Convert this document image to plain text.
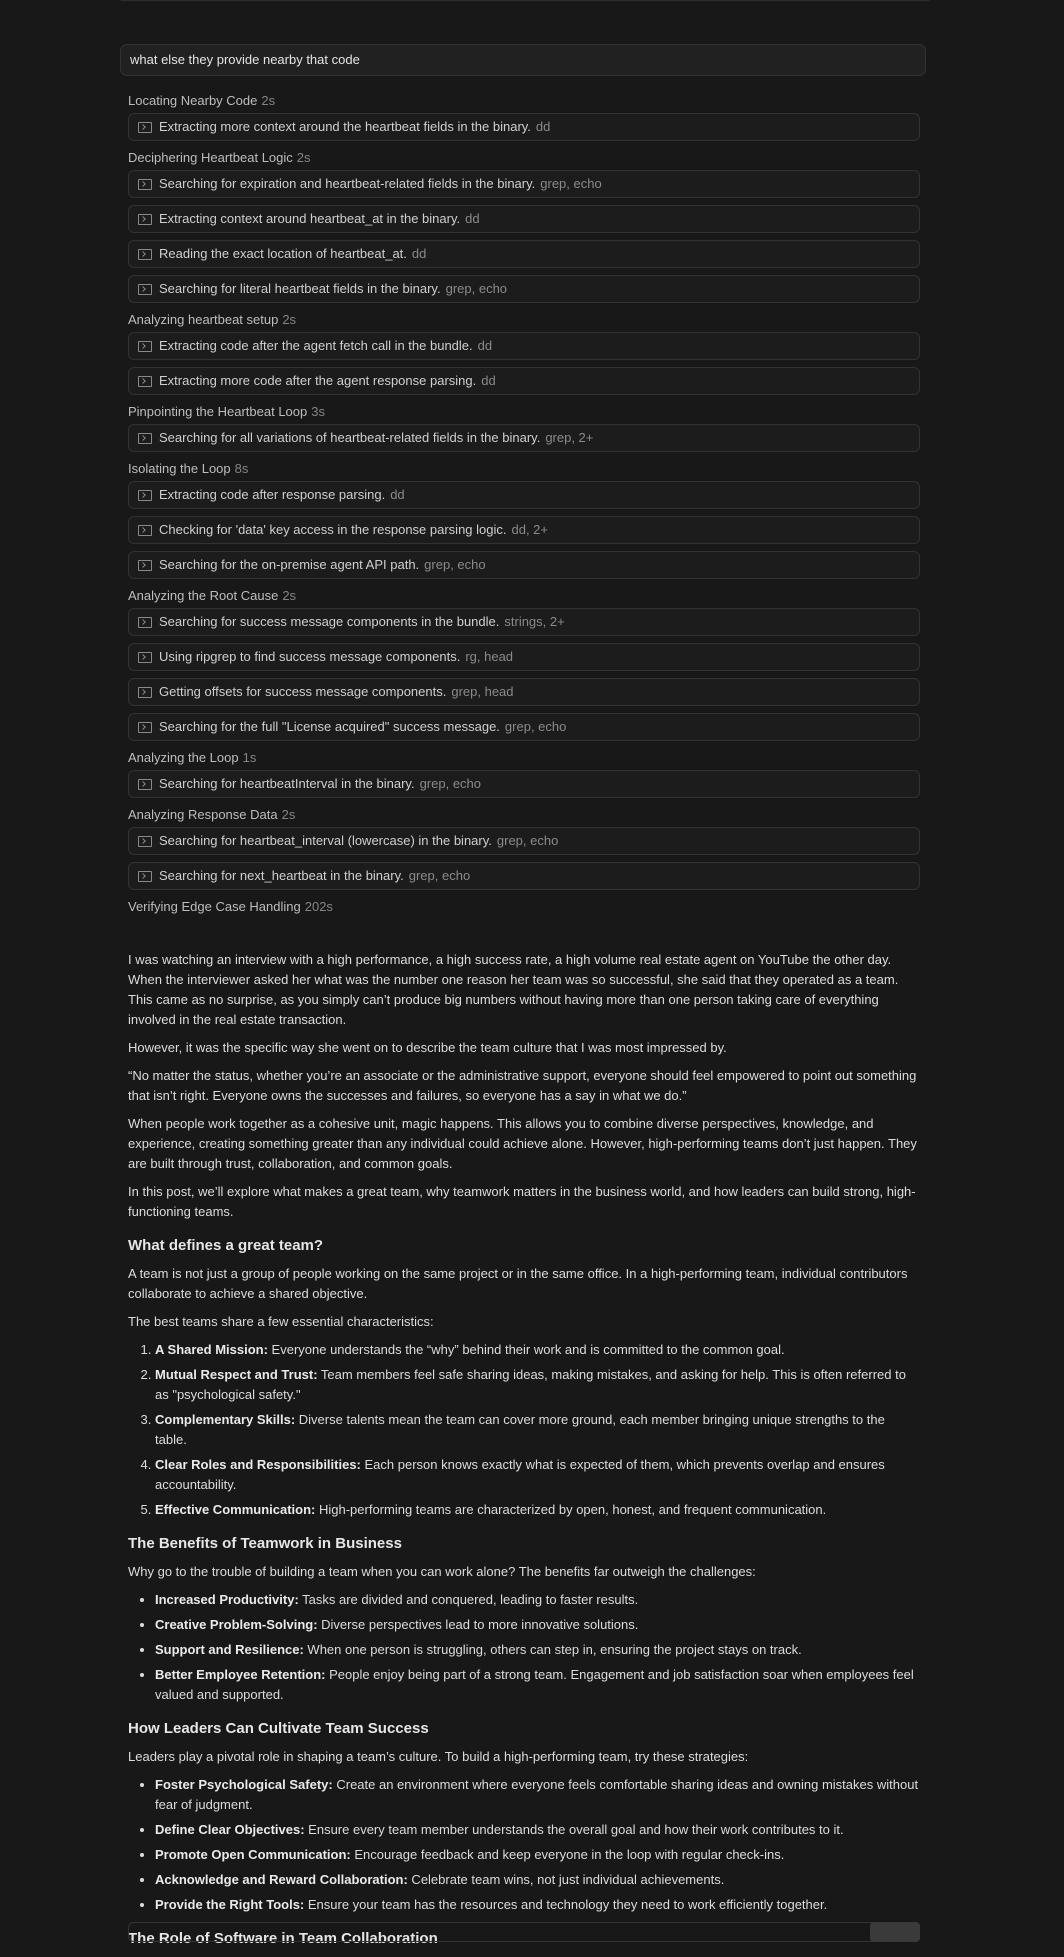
what else they provide nearby that code
Locating Nearby Code 2s
Extracting more context around the heartbeat fields in the binary. dd
Deciphering Heartbeat Logic 2s
Searching for expiration and heartbeat-related fields in the binary. grep, echo
Extracting context around heartbeat_at in the binary. dd
Reading the exact location of heartbeat_at. dd
Searching for literal heartbeat fields in the binary. grep, echo
Analyzing heartbeat setup 2s
Extracting code after the agent fetch call in the bundle. dd
Extracting more code after the agent response parsing. dd
Pinpointing the Heartbeat Loop 3s
Searching for all variations of heartbeat-related fields in the binary. grep, 2+
Isolating the Loop 8s
Extracting code after response parsing. dd
Checking for 'data' key access in the response parsing logic. dd, 2+
Searching for the on-premise agent API path. grep, echo
Analyzing the Root Cause 2s
Searching for success message components in the bundle. strings, 2+
Using ripgrep to find success message components. rg, head
Getting offsets for success message components. grep, head
Searching for the full "License acquired" success message. grep, echo
Analyzing the Loop 1s
Searching for heartbeatInterval in the binary. grep, echo
Analyzing Response Data 2s
Searching for heartbeat_interval (lowercase) in the binary. grep, echo
Searching for next_heartbeat in the binary. grep, echo
Verifying Edge Case Handling 202s

I was watching an interview with a high performance, a high success rate, a high volume real estate agent on YouTube the other day. When the interviewer asked her what was the number one reason her team was so successful, she said that they operated as a team. This came as no surprise, as you simply can’t produce big numbers without having more than one person taking care of everything involved in the real estate transaction.

However, it was the specific way she went on to describe the team culture that I was most impressed by.

“No matter the status, whether you’re an associate or the administrative support, everyone should feel empowered to point out something that isn’t right. Everyone owns the successes and failures, so everyone has a say in what we do.”

When people work together as a cohesive unit, magic happens. This allows you to combine diverse perspectives, knowledge, and experience, creating something greater than any individual could achieve alone. However, high-performing teams don’t just happen. They are built through trust, collaboration, and common goals.

In this post, we’ll explore what makes a great team, why teamwork matters in the business world, and how leaders can build strong, high-functioning teams.

What defines a great team?

A team is not just a group of people working on the same project or in the same office. In a high-performing team, individual contributors collaborate to achieve a shared objective.

The best teams share a few essential characteristics:

1. A Shared Mission: Everyone understands the “why” behind their work and is committed to the common goal.
2. Mutual Respect and Trust: Team members feel safe sharing ideas, making mistakes, and asking for help. This is often referred to as "psychological safety."
3. Complementary Skills: Diverse talents mean the team can cover more ground, each member bringing unique strengths to the table.
4. Clear Roles and Responsibilities: Each person knows exactly what is expected of them, which prevents overlap and ensures accountability.
5. Effective Communication: High-performing teams are characterized by open, honest, and frequent communication.
The Benefits of Teamwork in Business

Why go to the trouble of building a team when you can work alone? The benefits far outweigh the challenges:

• Increased Productivity: Tasks are divided and conquered, leading to faster results.
• Creative Problem-Solving: Diverse perspectives lead to more innovative solutions.
• Support and Resilience: When one person is struggling, others can step in, ensuring the project stays on track.
• Better Employee Retention: People enjoy being part of a strong team. Engagement and job satisfaction soar when employees feel valued and supported.
How Leaders Can Cultivate Team Success

Leaders play a pivotal role in shaping a team’s culture. To build a high-performing team, try these strategies:

• Foster Psychological Safety: Create an environment where everyone feels comfortable sharing ideas and owning mistakes without fear of judgment.
• Define Clear Objectives: Ensure every team member understands the overall goal and how their work contributes to it.
• Promote Open Communication: Encourage feedback and keep everyone in the loop with regular check-ins.
• Acknowledge and Reward Collaboration: Celebrate team wins, not just individual achievements.
• Provide the Right Tools: Ensure your team has the resources and technology they need to work efficiently together.
The Role of Software in Team Collaboration
